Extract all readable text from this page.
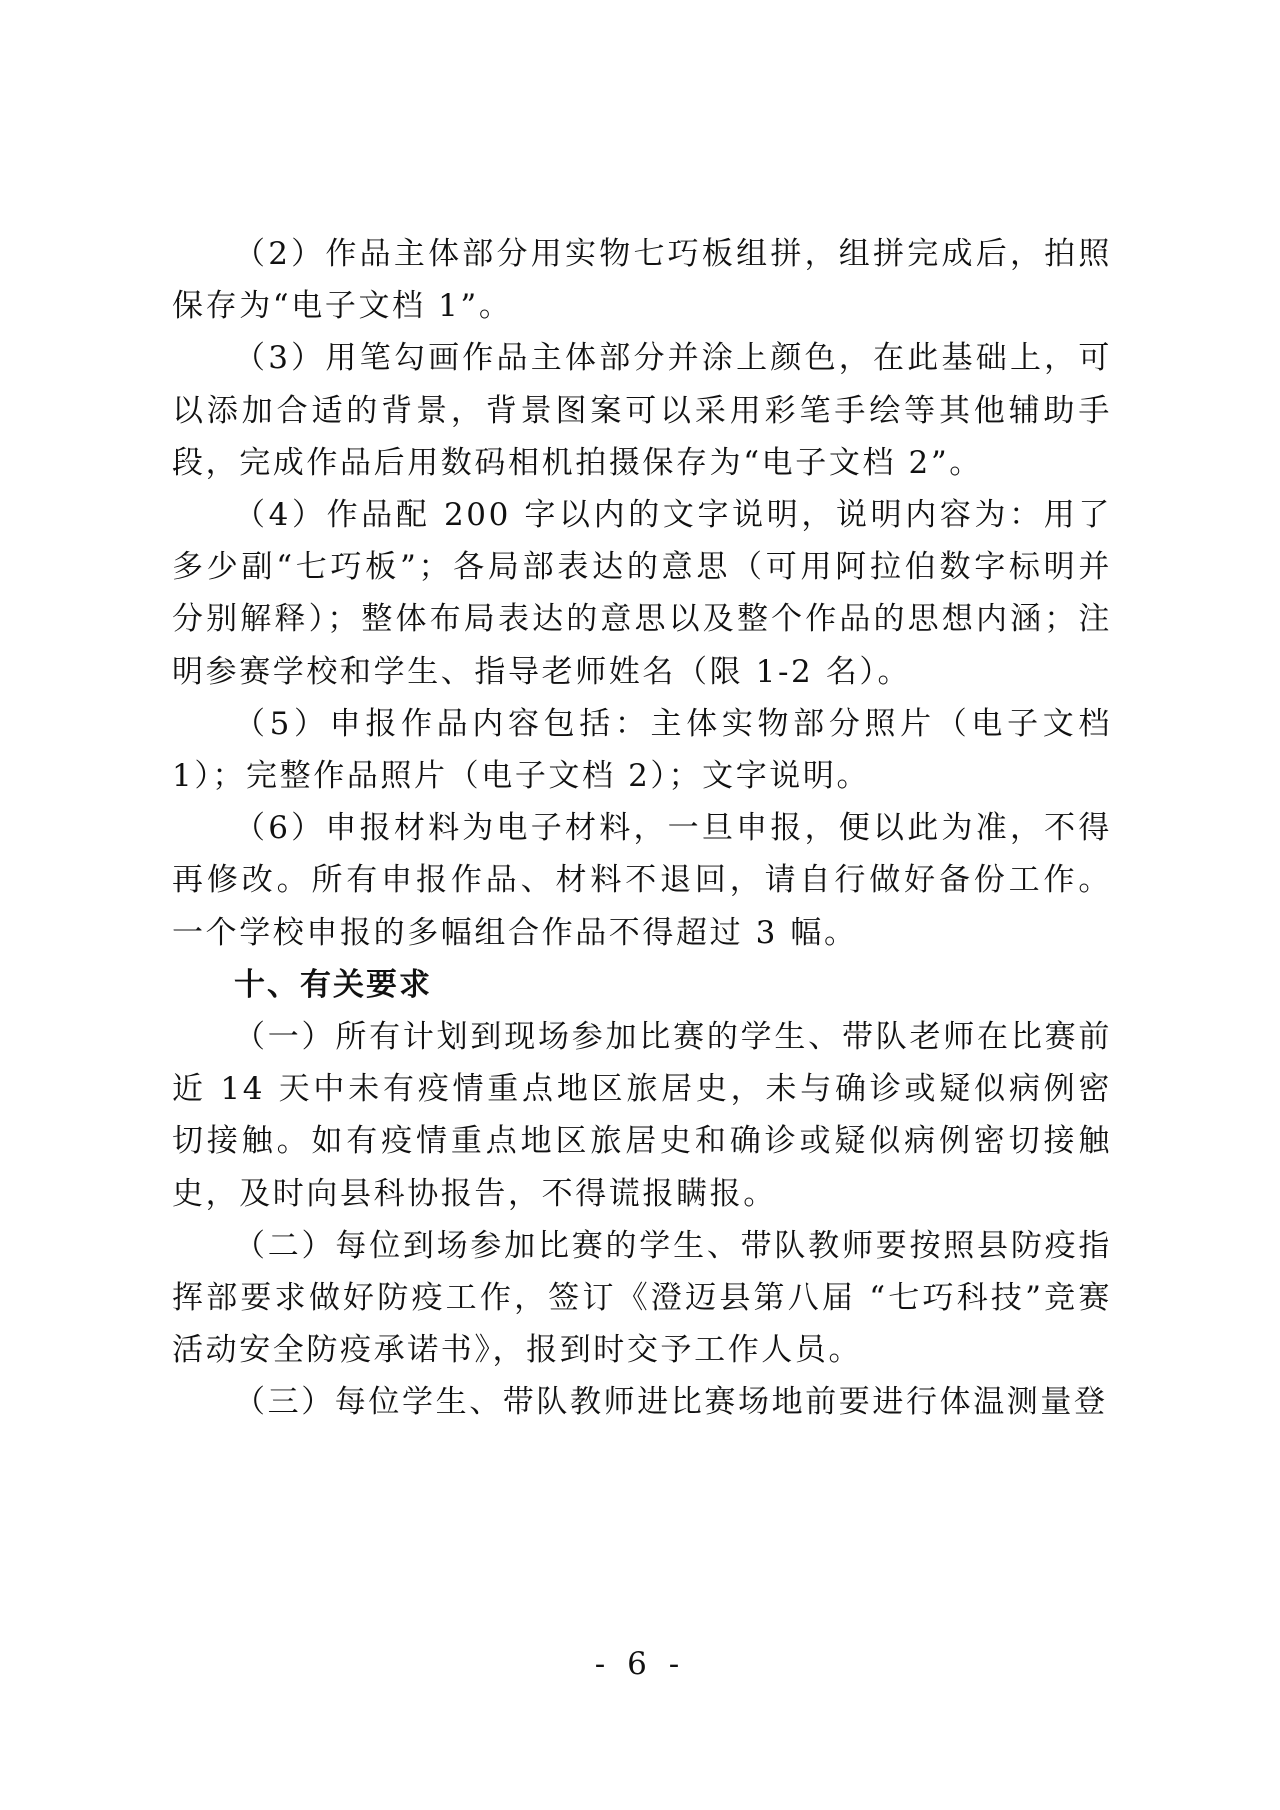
（2）作品主体部分用实物七巧板组拼，组拼完成后，拍照保存为“电子文档 1”。

（3）用笔勾画作品主体部分并涂上颜色，在此基础上，可以添加合适的背景，背景图案可以采用彩笔手绘等其他辅助手段，完成作品后用数码相机拍摄保存为“电子文档 2”。

（4）作品配 200 字以内的文字说明，说明内容为：用了多少副“七巧板”；各局部表达的意思（可用阿拉伯数字标明并分别解释）；整体布局表达的意思以及整个作品的思想内涵；注明参赛学校和学生、指导老师姓名（限 1-2 名）。

（5）申报作品内容包括：主体实物部分照片（电子文档 1）；完整作品照片（电子文档 2）；文字说明。

（6）申报材料为电子材料，一旦申报，便以此为准，不得再修改。所有申报作品、材料不退回，请自行做好备份工作。一个学校申报的多幅组合作品不得超过 3 幅。

十、有关要求

（一）所有计划到现场参加比赛的学生、带队老师在比赛前近 14 天中未有疫情重点地区旅居史，未与确诊或疑似病例密切接触。如有疫情重点地区旅居史和确诊或疑似病例密切接触史，及时向县科协报告，不得谎报瞒报。

（二）每位到场参加比赛的学生、带队教师要按照县防疫指挥部要求做好防疫工作，签订《澄迈县第八届 “七巧科技”竞赛活动安全防疫承诺书》，报到时交予工作人员。

（三）每位学生、带队教师进比赛场地前要进行体温测量登

- 6 -
